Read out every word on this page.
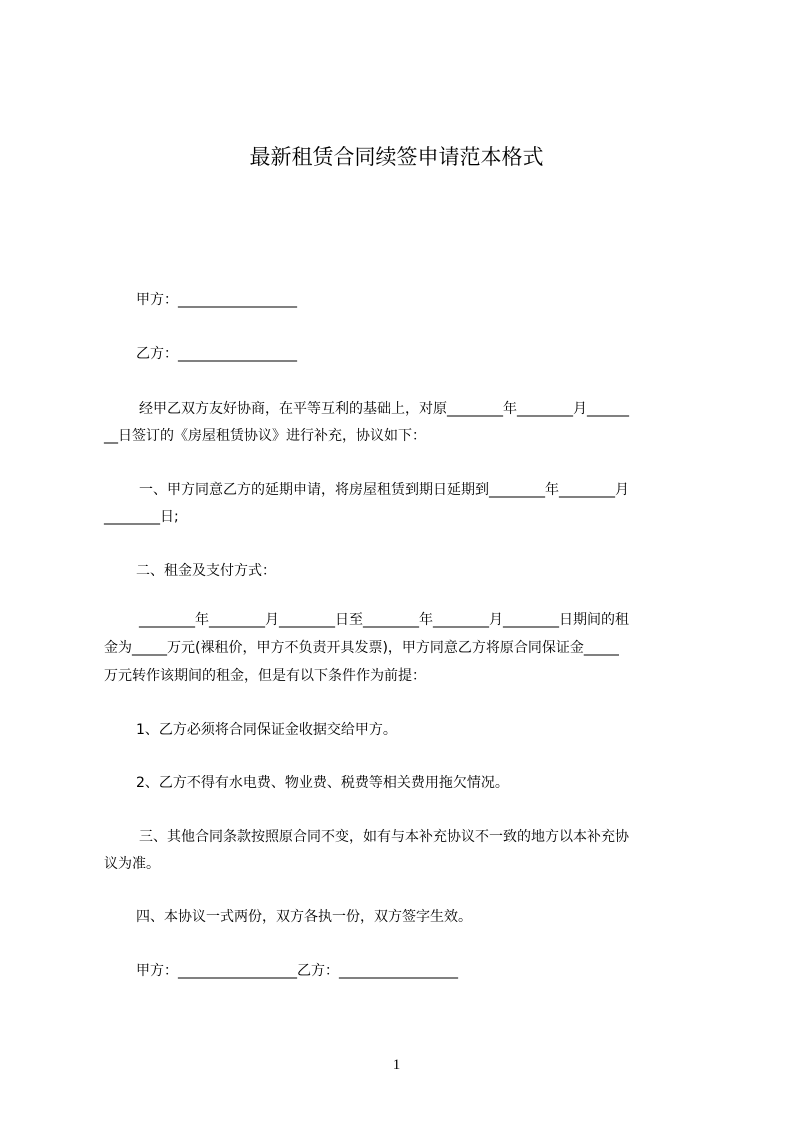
最新租赁合同续签申请范本格式
甲方：_________________
乙方：_________________
经甲乙双方友好协商，在平等互利的基础上，对原________年________月______
__日签订的《房屋租赁协议》进行补充，协议如下：
一、甲方同意乙方的延期申请，将房屋租赁到期日延期到________年________月
________日;
二、租金及支付方式：
________年________月________日至________年________月________日期间的租
金为_____万元(裸租价，甲方不负责开具发票)，甲方同意乙方将原合同保证金_____
万元转作该期间的租金，但是有以下条件作为前提：
1、乙方必须将合同保证金收据交给甲方。
2、乙方不得有水电费、物业费、税费等相关费用拖欠情况。
三、其他合同条款按照原合同不变，如有与本补充协议不一致的地方以本补充协
议为准。
四、本协议一式两份，双方各执一份，双方签字生效。
甲方：_________________乙方：_________________
1
